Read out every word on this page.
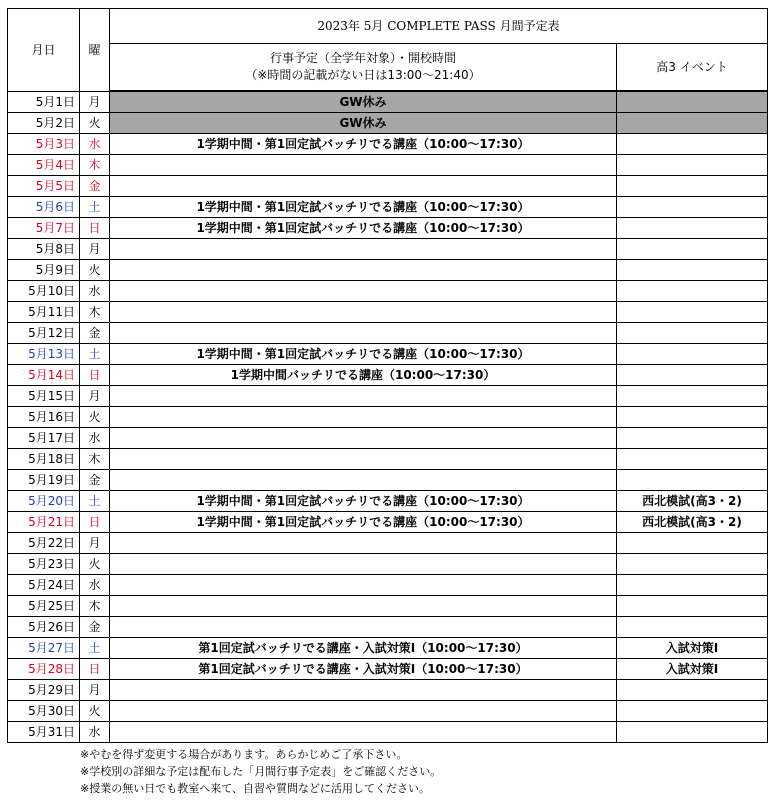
月日	曜	2023年 5月 COMPLETE PASS 月間予定表	

		行事予定（全学年対象）・開校時間
（※時間の記載がない日は13:00～21:40）	高3 イベント
5月1日	月	GW休み	
5月2日	火	GW休み	
5月3日	水	1学期中間・第1回定試バッチリでる講座（10:00～17:30）	
5月4日	木		
5月5日	金		
5月6日	土	1学期中間・第1回定試バッチリでる講座（10:00～17:30）	
5月7日	日	1学期中間・第1回定試バッチリでる講座（10:00～17:30）	
5月8日	月		
5月9日	火		
5月10日	水		
5月11日	木		
5月12日	金		
5月13日	土	1学期中間・第1回定試バッチリでる講座（10:00～17:30）	
5月14日	日	1学期中間バッチリでる講座（10:00～17:30）	
5月15日	月		
5月16日	火		
5月17日	水		
5月18日	木		
5月19日	金		
5月20日	土	1学期中間・第1回定試バッチリでる講座（10:00～17:30）	西北模試(高3・2)
5月21日	日	1学期中間・第1回定試バッチリでる講座（10:00～17:30）	西北模試(高3・2)
5月22日	月		
5月23日	火		
5月24日	水		
5月25日	木		
5月26日	金		
5月27日	土	第1回定試バッチリでる講座・入試対策Ⅰ（10:00～17:30）	入試対策Ⅰ
5月28日	日	第1回定試バッチリでる講座・入試対策Ⅰ（10:00～17:30）	入試対策Ⅰ
5月29日	月		
5月30日	火		
5月31日	水		
※やむを得ず変更する場合があります。あらかじめご了承下さい。
※学校別の詳細な予定は配布した「月間行事予定表」をご確認ください。
※授業の無い日でも教室へ来て、自習や質問などに活用してください。
